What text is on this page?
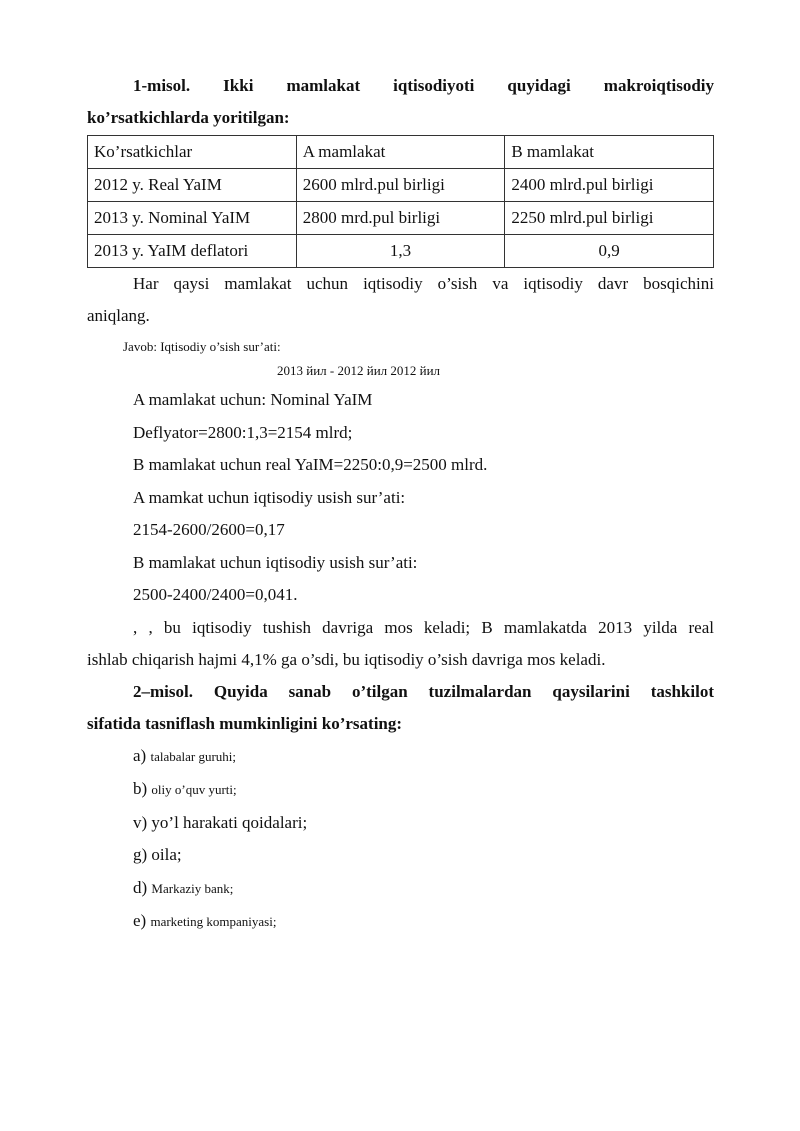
1-misol. Ikki mamlakat iqtisodiyoti quyidagi makroiqtisodiy

ko’rsatkichlarda yoritilgan:

Ko’rsatkichlar	A mamlakat	B mamlakat
2012 y. Real YaIM	2600 mlrd.pul birligi	2400 mlrd.pul birligi
2013 y. Nominal YaIM	2800 mrd.pul birligi	2250 mlrd.pul birligi
2013 y. YaIM deflatori	1,3	0,9

Har qaysi mamlakat uchun iqtisodiy o’sish va iqtisodiy davr bosqichini

aniqlang.

Javob: Iqtisodiy o’sish sur’ati:

2013 йил - 2012 йил 2012 йил

A mamlakat uchun: Nominal YaIM

Deflyator=2800:1,3=2154 mlrd;

B mamlakat uchun real YaIM=2250:0,9=2500 mlrd.

A mamkat uchun iqtisodiy usish sur’ati:

2154-2600/2600=0,17

B mamlakat uchun iqtisodiy usish sur’ati:

2500-2400/2400=0,041.

, , bu iqtisodiy tushish davriga mos keladi; B mamlakatda 2013 yilda real

ishlab chiqarish hajmi 4,1% ga o’sdi, bu iqtisodiy o’sish davriga mos keladi.

2–misol. Quyida sanab o’tilgan tuzilmalardan qaysilarini tashkilot

sifatida tasniflash mumkinligini ko’rsating:

a) talabalar guruhi;

b) oliy o’quv yurti;

v) yo’l harakati qoidalari;

g) oila;

d) Markaziy bank;

e) marketing kompaniyasi;
